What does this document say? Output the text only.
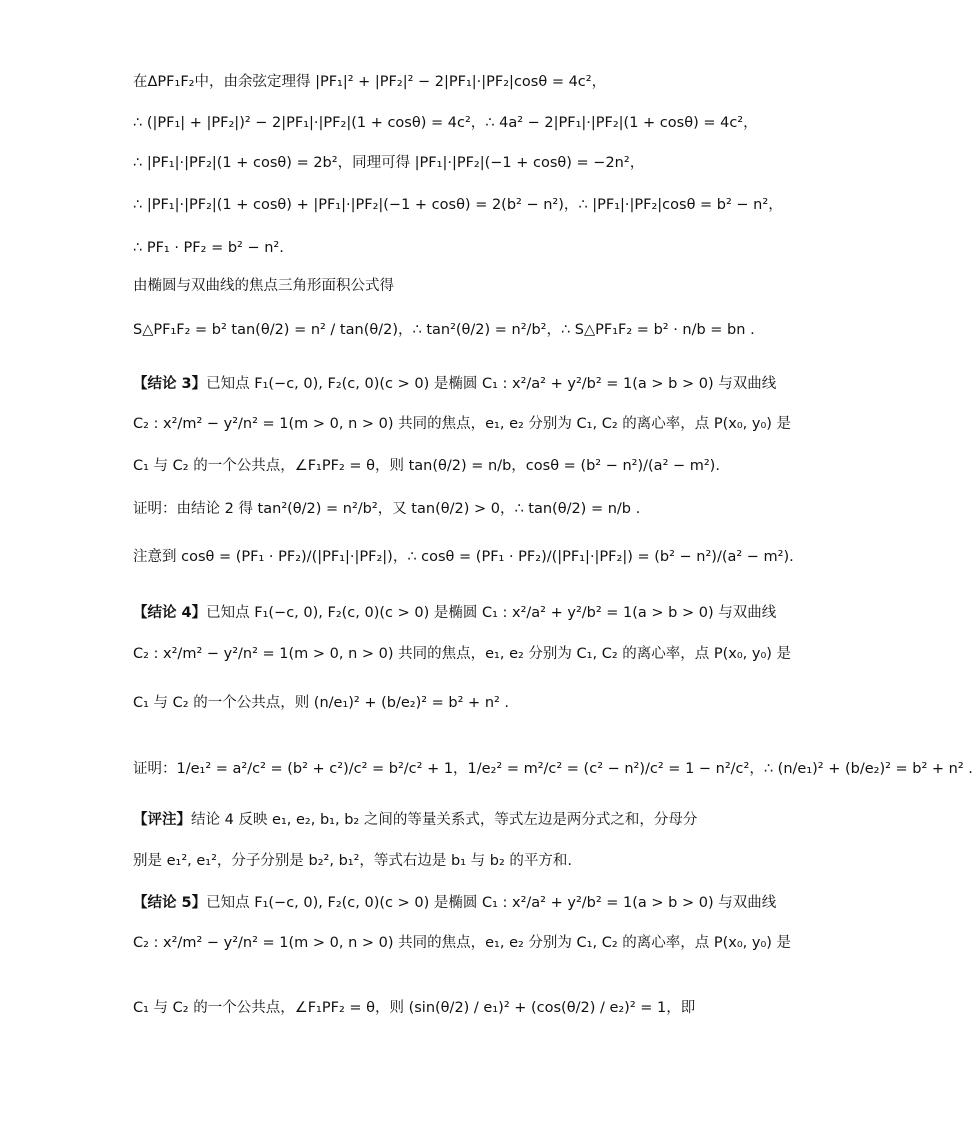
在ΔPF₁F₂中，由余弦定理得 |PF₁|² + |PF₂|² − 2|PF₁|·|PF₂|cosθ = 4c²，
∴ (|PF₁| + |PF₂|)² − 2|PF₁|·|PF₂|(1 + cosθ) = 4c²，∴ 4a² − 2|PF₁|·|PF₂|(1 + cosθ) = 4c²，
∴ |PF₁|·|PF₂|(1 + cosθ) = 2b²，同理可得 |PF₁|·|PF₂|(−1 + cosθ) = −2n²，
∴ |PF₁|·|PF₂|(1 + cosθ) + |PF₁|·|PF₂|(−1 + cosθ) = 2(b² − n²)，∴ |PF₁|·|PF₂|cosθ = b² − n²，
∴ PF₁ · PF₂ = b² − n².
由椭圆与双曲线的焦点三角形面积公式得
S△PF₁F₂ = b² tan(θ/2) = n² / tan(θ/2)，∴ tan²(θ/2) = n²/b²，∴ S△PF₁F₂ = b² · n/b = bn .
【结论 3】已知点 F₁(−c, 0), F₂(c, 0)(c > 0) 是椭圆 C₁ : x²/a² + y²/b² = 1(a > b > 0) 与双曲线
C₂ : x²/m² − y²/n² = 1(m > 0, n > 0) 共同的焦点，e₁, e₂ 分别为 C₁, C₂ 的离心率，点 P(x₀, y₀) 是
C₁ 与 C₂ 的一个公共点，∠F₁PF₂ = θ，则 tan(θ/2) = n/b，cosθ = (b² − n²)/(a² − m²).
证明：由结论 2 得 tan²(θ/2) = n²/b²，又 tan(θ/2) > 0，∴ tan(θ/2) = n/b .
注意到 cosθ = (PF₁ · PF₂)/(|PF₁|·|PF₂|)，∴ cosθ = (PF₁ · PF₂)/(|PF₁|·|PF₂|) = (b² − n²)/(a² − m²).
【结论 4】已知点 F₁(−c, 0), F₂(c, 0)(c > 0) 是椭圆 C₁ : x²/a² + y²/b² = 1(a > b > 0) 与双曲线
C₂ : x²/m² − y²/n² = 1(m > 0, n > 0) 共同的焦点，e₁, e₂ 分别为 C₁, C₂ 的离心率，点 P(x₀, y₀) 是
C₁ 与 C₂ 的一个公共点，则 (n/e₁)² + (b/e₂)² = b² + n² .
证明：1/e₁² = a²/c² = (b² + c²)/c² = b²/c² + 1，1/e₂² = m²/c² = (c² − n²)/c² = 1 − n²/c²，∴ (n/e₁)² + (b/e₂)² = b² + n² .
【评注】结论 4 反映 e₁, e₂, b₁, b₂ 之间的等量关系式，等式左边是两分式之和，分母分
别是 e₁², e₁²，分子分别是 b₂², b₁²，等式右边是 b₁ 与 b₂ 的平方和.
【结论 5】已知点 F₁(−c, 0), F₂(c, 0)(c > 0) 是椭圆 C₁ : x²/a² + y²/b² = 1(a > b > 0) 与双曲线
C₂ : x²/m² − y²/n² = 1(m > 0, n > 0) 共同的焦点，e₁, e₂ 分别为 C₁, C₂ 的离心率，点 P(x₀, y₀) 是
C₁ 与 C₂ 的一个公共点，∠F₁PF₂ = θ，则 (sin(θ/2) / e₁)² + (cos(θ/2) / e₂)² = 1，即
